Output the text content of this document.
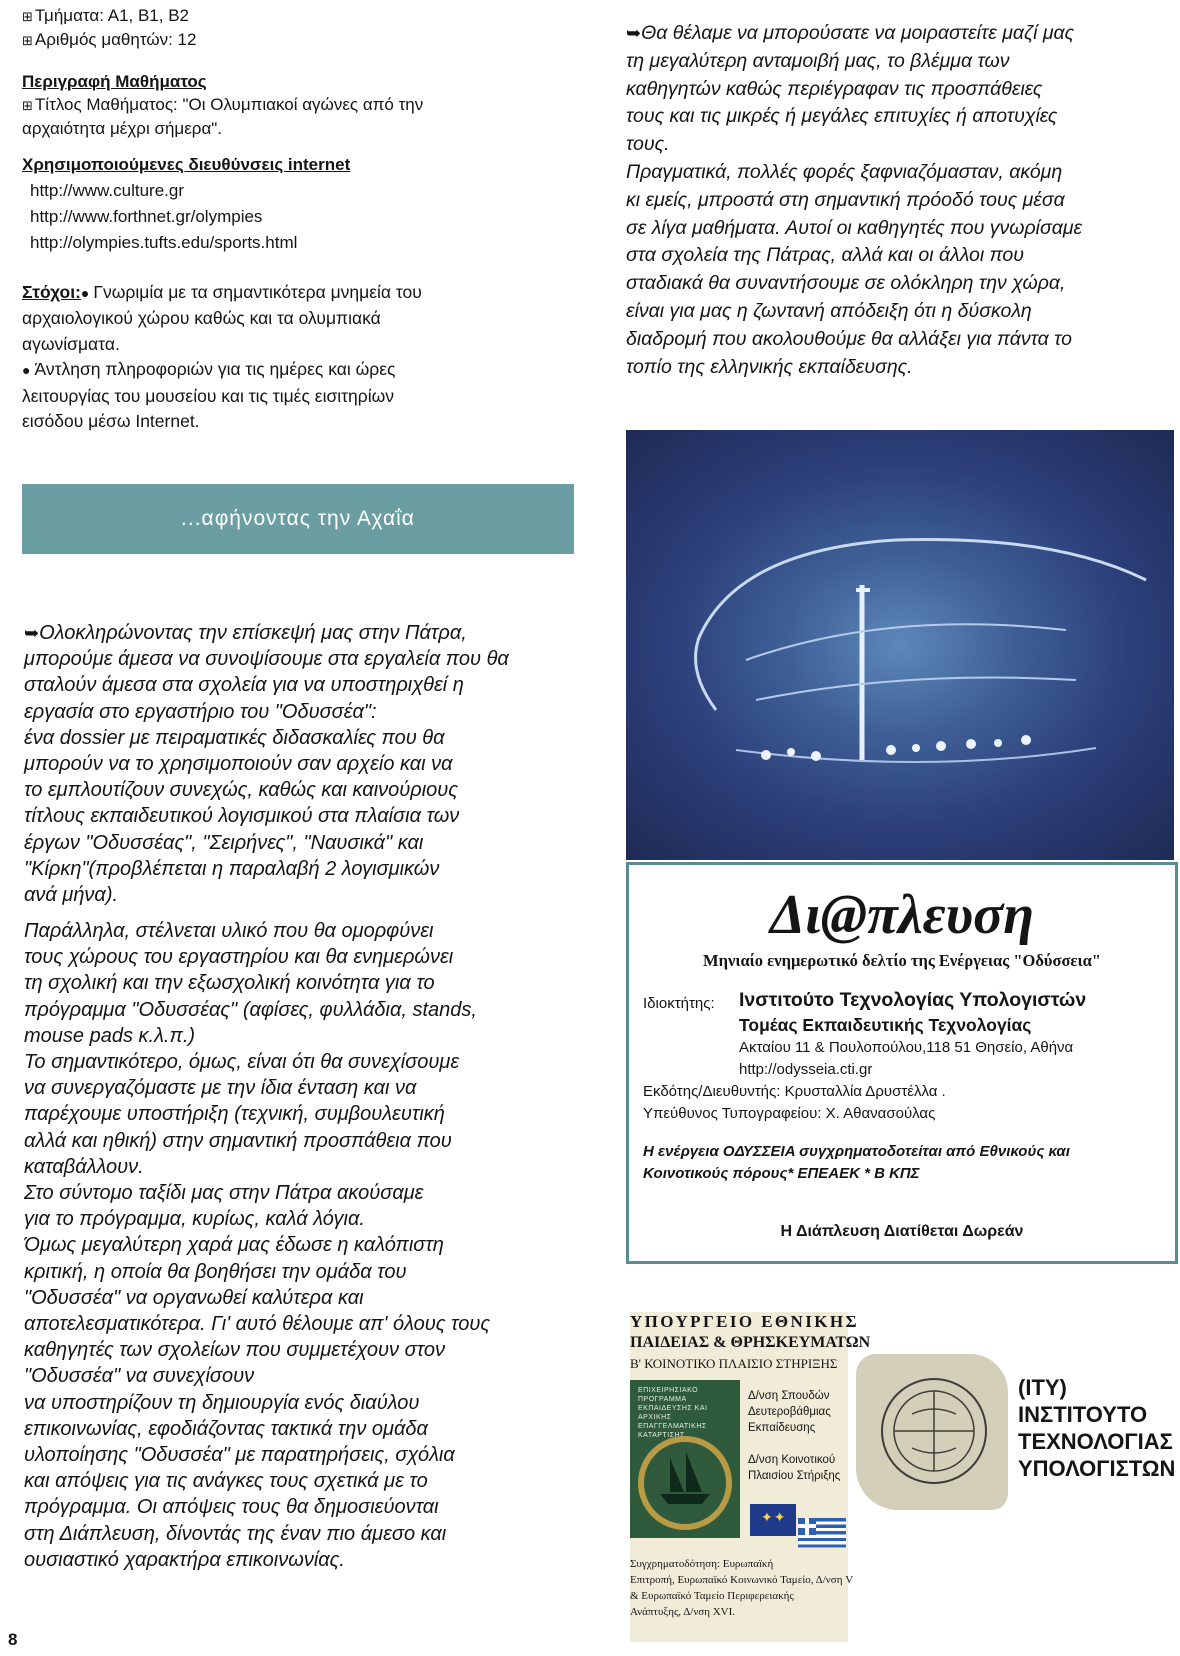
⊞ Τμήματα: Α1, Β1, Β2
⊞ Αριθμός μαθητών: 12
Περιγραφή Μαθήματος
⊞ Τίτλος Μαθήματος: "Οι Ολυμπιακοί αγώνες από την
αρχαιότητα μέχρι σήμερα".
Χρησιμοποιούμενες διευθύνσεις internet
http://www.culture.gr
http://www.forthnet.gr/olympies
http://olympies.tufts.edu/sports.html
Στόχοι:● Γνωριμία με τα σημαντικότερα μνημεία του
αρχαιολογικού χώρου καθώς και τα ολυμπιακά
αγωνίσματα.
● Άντληση πληροφοριών για τις ημέρες και ώρες
λειτουργίας του μουσείου και τις τιμές εισιτηρίων
εισόδου μέσω Internet.
...αφήνοντας την Αχαΐα
➥Ολοκληρώνοντας την επίσκεψή μας στην Πάτρα,
μπορούμε άμεσα να συνοψίσουμε στα εργαλεία που θα
σταλούν άμεσα στα σχολεία για να υποστηριχθεί η
εργασία στο εργαστήριο του "Οδυσσέα":
ένα dossier με πειραματικές διδασκαλίες που θα
μπορούν να το χρησιμοποιούν σαν αρχείο και να
το εμπλουτίζουν συνεχώς, καθώς και καινούριους
τίτλους εκπαιδευτικού λογισμικού στα πλαίσια των
έργων "Οδυσσέας", "Σειρήνες", "Ναυσικά" και
"Κίρκη"(προβλέπεται η παραλαβή 2 λογισμικών
ανά μήνα).
Παράλληλα, στέλνεται υλικό που θα ομορφύνει
τους χώρους του εργαστηρίου και θα ενημερώνει
τη σχολική και την εξωσχολική κοινότητα για το
πρόγραμμα "Οδυσσέας" (αφίσες, φυλλάδια, stands,
mouse pads κ.λ.π.)
Το σημαντικότερο, όμως, είναι ότι θα συνεχίσουμε
να συνεργαζόμαστε με την ίδια ένταση και να
παρέχουμε υποστήριξη (τεχνική, συμβουλευτική
αλλά και ηθική) στην σημαντική προσπάθεια που
καταβάλλουν.
Στο σύντομο ταξίδι μας στην Πάτρα ακούσαμε
για το πρόγραμμα, κυρίως, καλά λόγια.
Όμως μεγαλύτερη χαρά μας έδωσε η καλόπιστη
κριτική, η οποία θα βοηθήσει την ομάδα του
"Οδυσσέα" να οργανωθεί καλύτερα και
αποτελεσματικότερα. Γι' αυτό θέλουμε απ' όλους τους
καθηγητές των σχολείων που συμμετέχουν στον
"Οδυσσέα" να συνεχίσουν
να υποστηρίζουν τη δημιουργία ενός διαύλου
επικοινωνίας, εφοδιάζοντας τακτικά την ομάδα
υλοποίησης "Οδυσσέα" με παρατηρήσεις, σχόλια
και απόψεις για τις ανάγκες τους σχετικά με το
πρόγραμμα. Οι απόψεις τους θα δημοσιεύονται
στη Διάπλευση, δίνοντάς της έναν πιο άμεσο και
ουσιαστικό χαρακτήρα επικοινωνίας.
➥Θα θέλαμε να μπορούσατε να μοιραστείτε μαζί μας
τη μεγαλύτερη ανταμοιβή μας, το βλέμμα των
καθηγητών καθώς περιέγραφαν τις προσπάθειες
τους και τις μικρές ή μεγάλες επιτυχίες ή αποτυχίες
τους.
Πραγματικά, πολλές φορές ξαφνιαζόμασταν, ακόμη
κι εμείς, μπροστά στη σημαντική πρόοδό τους μέσα
σε λίγα μαθήματα. Αυτοί οι καθηγητές που γνωρίσαμε
στα σχολεία της Πάτρας, αλλά και οι άλλοι που
σταδιακά θα συναντήσουμε σε ολόκληρη την χώρα,
είναι για μας η ζωντανή απόδειξη ότι η δύσκολη
διαδρομή που ακολουθούμε θα αλλάξει για πάντα το
τοπίο της ελληνικής εκπαίδευσης.
Δι@πλευση
Μηνιαίο ενημερωτικό δελτίο της Ενέργειας "Οδύσσεια"
Ιδιοκτήτης: Ινστιτούτο Τεχνολογίας Υπολογιστών
Τομέας Εκπαιδευτικής Τεχνολογίας
Ακταίου 11 & Πουλοπούλου,118 51 Θησείο, Αθήνα
http://odysseia.cti.gr
Εκδότης/Διευθυντής: Κρυσταλλία Δρυστέλλα .
Υπεύθυνος Τυπογραφείου: Χ. Αθανασούλας
Η ενέργεια ΟΔΥΣΣΕΙΑ συγχρηματοδοτείται από Εθνικούς και
Κοινοτικούς πόρους* ΕΠΕΑΕΚ * Β ΚΠΣ
Η Διάπλευση Διατίθεται Δωρεάν
ΥΠΟΥΡΓΕΙΟ ΕΘΝΙΚΗΣ
ΠΑΙΔΕΙΑΣ & ΘΡΗΣΚΕΥΜΑΤΩΝ
Β' ΚΟΙΝΟΤΙΚΟ ΠΛΑΙΣΙΟ ΣΤΗΡΙΞΗΣ
ΕΠΙΧΕΙΡΗΣΙΑΚΟ ΠΡΟΓΡΑΜΜΑ ΕΚΠΑΙΔΕΥΣΗΣ ΚΑΙ ΑΡΧΙΚΗΣ ΕΠΑΓΓΕΛΜΑΤΙΚΗΣ ΚΑΤΑΡΤΙΣΗΣ
Δ/νση Σπουδών Δευτεροβάθμιας Εκπαίδευσης
Δ/νση Κοινοτικού Πλαισίου Στήριξης
✦✦
Συγχρηματοδότηση: Ευρωπαϊκή
Επιτροπή, Ευρωπαϊκό Κοινωνικό Ταμείο, Δ/νση V
& Ευρωπαϊκό Ταμείο Περιφερειακής
Ανάπτυξης, Δ/νση XVI.
(ΙΤΥ)
ΙΝΣΤΙΤΟΥΤΟ
ΤΕΧΝΟΛΟΓΙΑΣ
ΥΠΟΛΟΓΙΣΤΩΝ
8
